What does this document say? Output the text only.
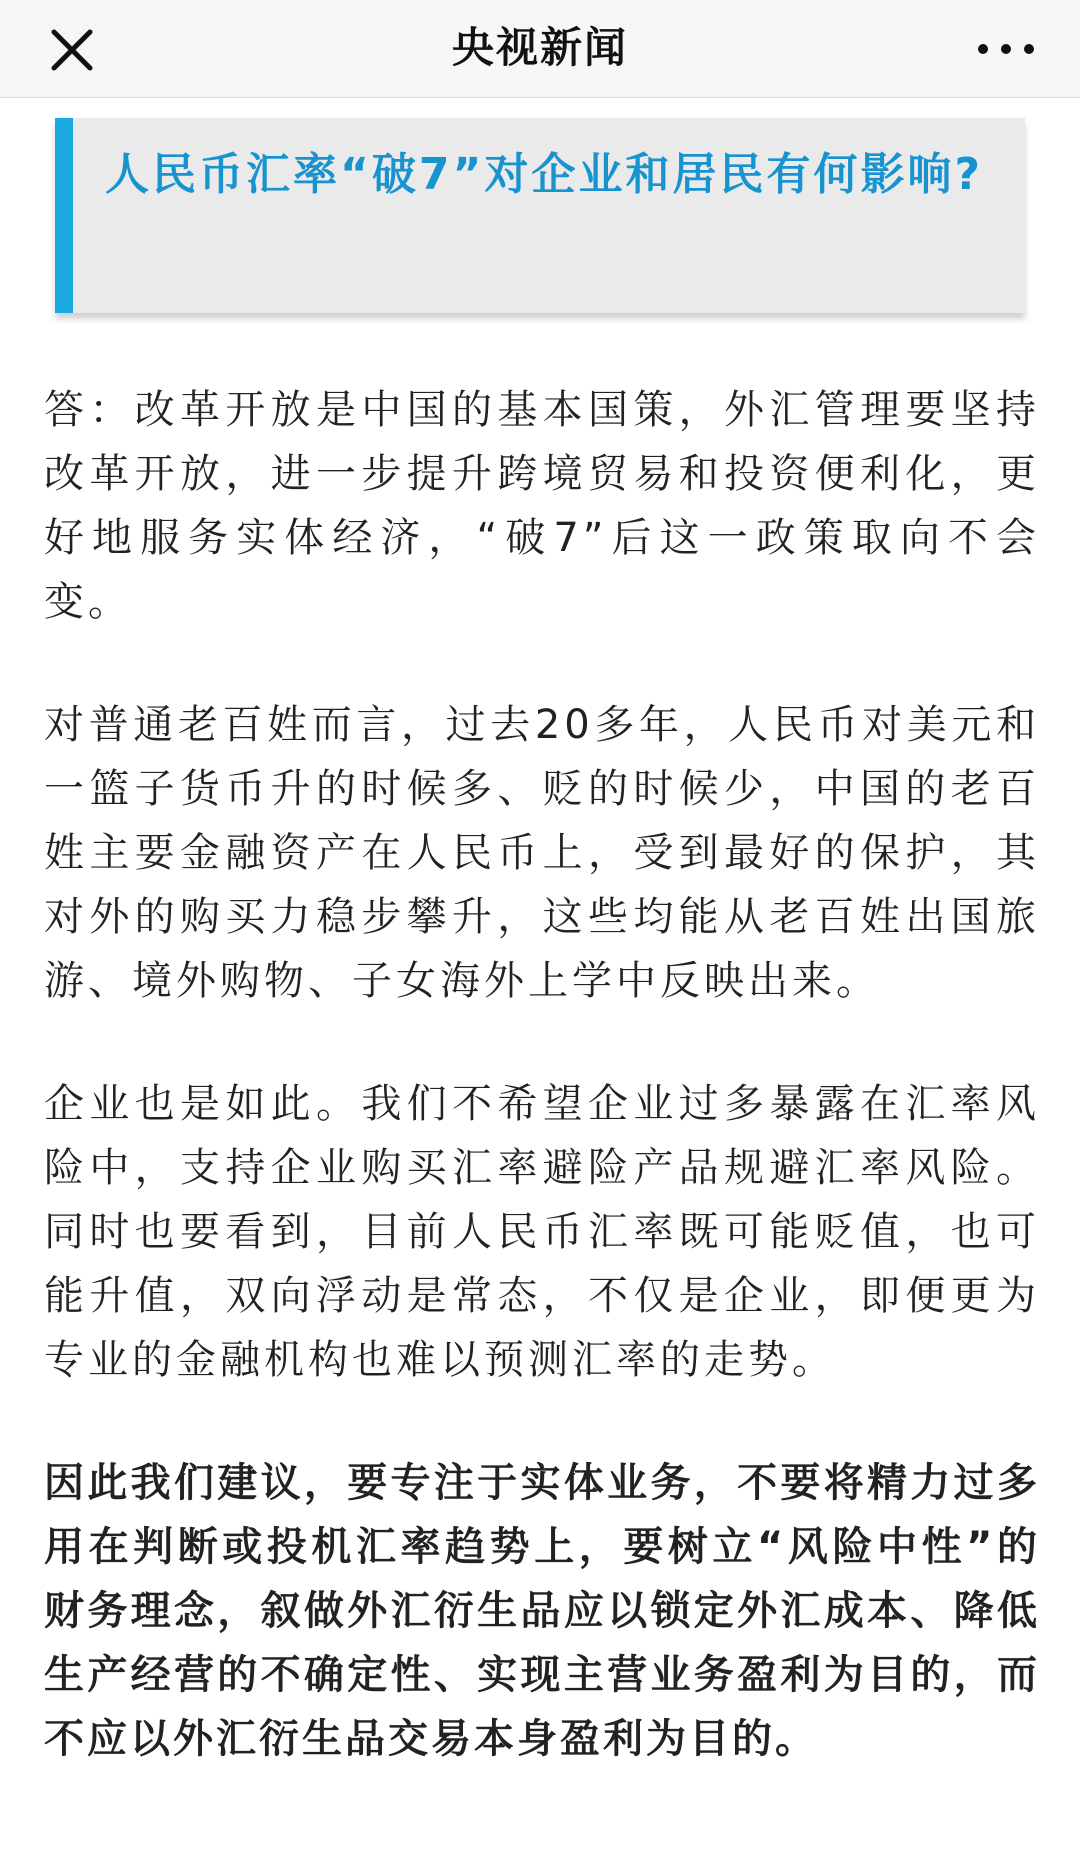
央视新闻
人民币汇率“破7”对企业和居民有何影响?

答：改革开放是中国的基本国策，外汇管理要坚持改革开放，进一步提升跨境贸易和投资便利化，更好地服务实体经济，“破7”后这一政策取向不会变。

对普通老百姓而言，过去20多年，人民币对美元和一篮子货币升的时候多、贬的时候少，中国的老百姓主要金融资产在人民币上，受到最好的保护，其对外的购买力稳步攀升，这些均能从老百姓出国旅游、境外购物、子女海外上学中反映出来。

企业也是如此。我们不希望企业过多暴露在汇率风险中，支持企业购买汇率避险产品规避汇率风险。同时也要看到，目前人民币汇率既可能贬值，也可能升值，双向浮动是常态，不仅是企业，即便更为专业的金融机构也难以预测汇率的走势。

因此我们建议，要专注于实体业务，不要将精力过多用在判断或投机汇率趋势上，要树立“风险中性”的财务理念，叙做外汇衍生品应以锁定外汇成本、降低生产经营的不确定性、实现主营业务盈利为目的，而不应以外汇衍生品交易本身盈利为目的。
